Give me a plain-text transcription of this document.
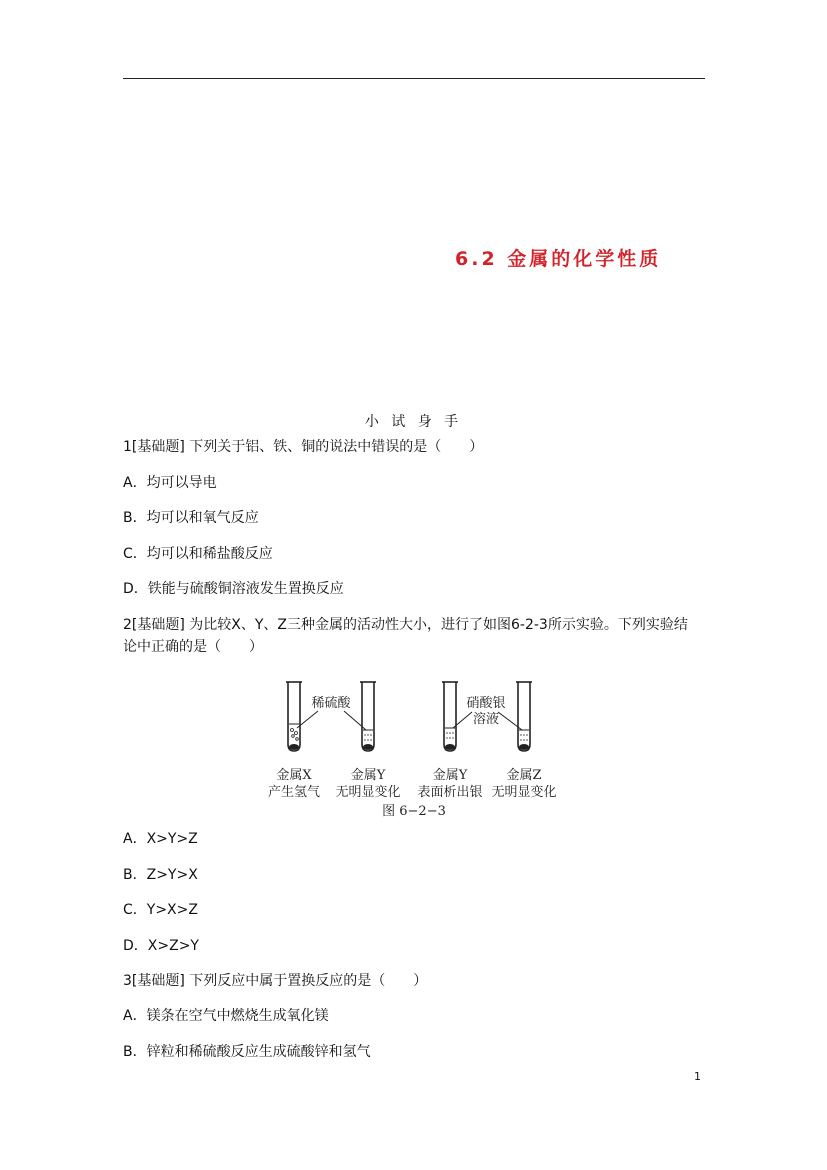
6.2 金属的化学性质
小 试 身 手
1[基础题] 下列关于铝、铁、铜的说法中错误的是（　　）
A．均可以导电
B．均可以和氧气反应
C．均可以和稀盐酸反应
D．铁能与硫酸铜溶液发生置换反应
2[基础题] 为比较X、Y、Z三种金属的活动性大小，进行了如图6-2-3所示实验。下列实验结
论中正确的是（　　）
稀硫酸	硝酸银
溶液
金属X	金属Y	金属Y	金属Z
产生氢气 无明显变化 表面析出银 无明显变化
图 6−2−3
A．X>Y>Z
B．Z>Y>X
C．Y>X>Z
D．X>Z>Y
3[基础题] 下列反应中属于置换反应的是（　　）
A．镁条在空气中燃烧生成氧化镁
B．锌粒和稀硫酸反应生成硫酸锌和氢气
1
